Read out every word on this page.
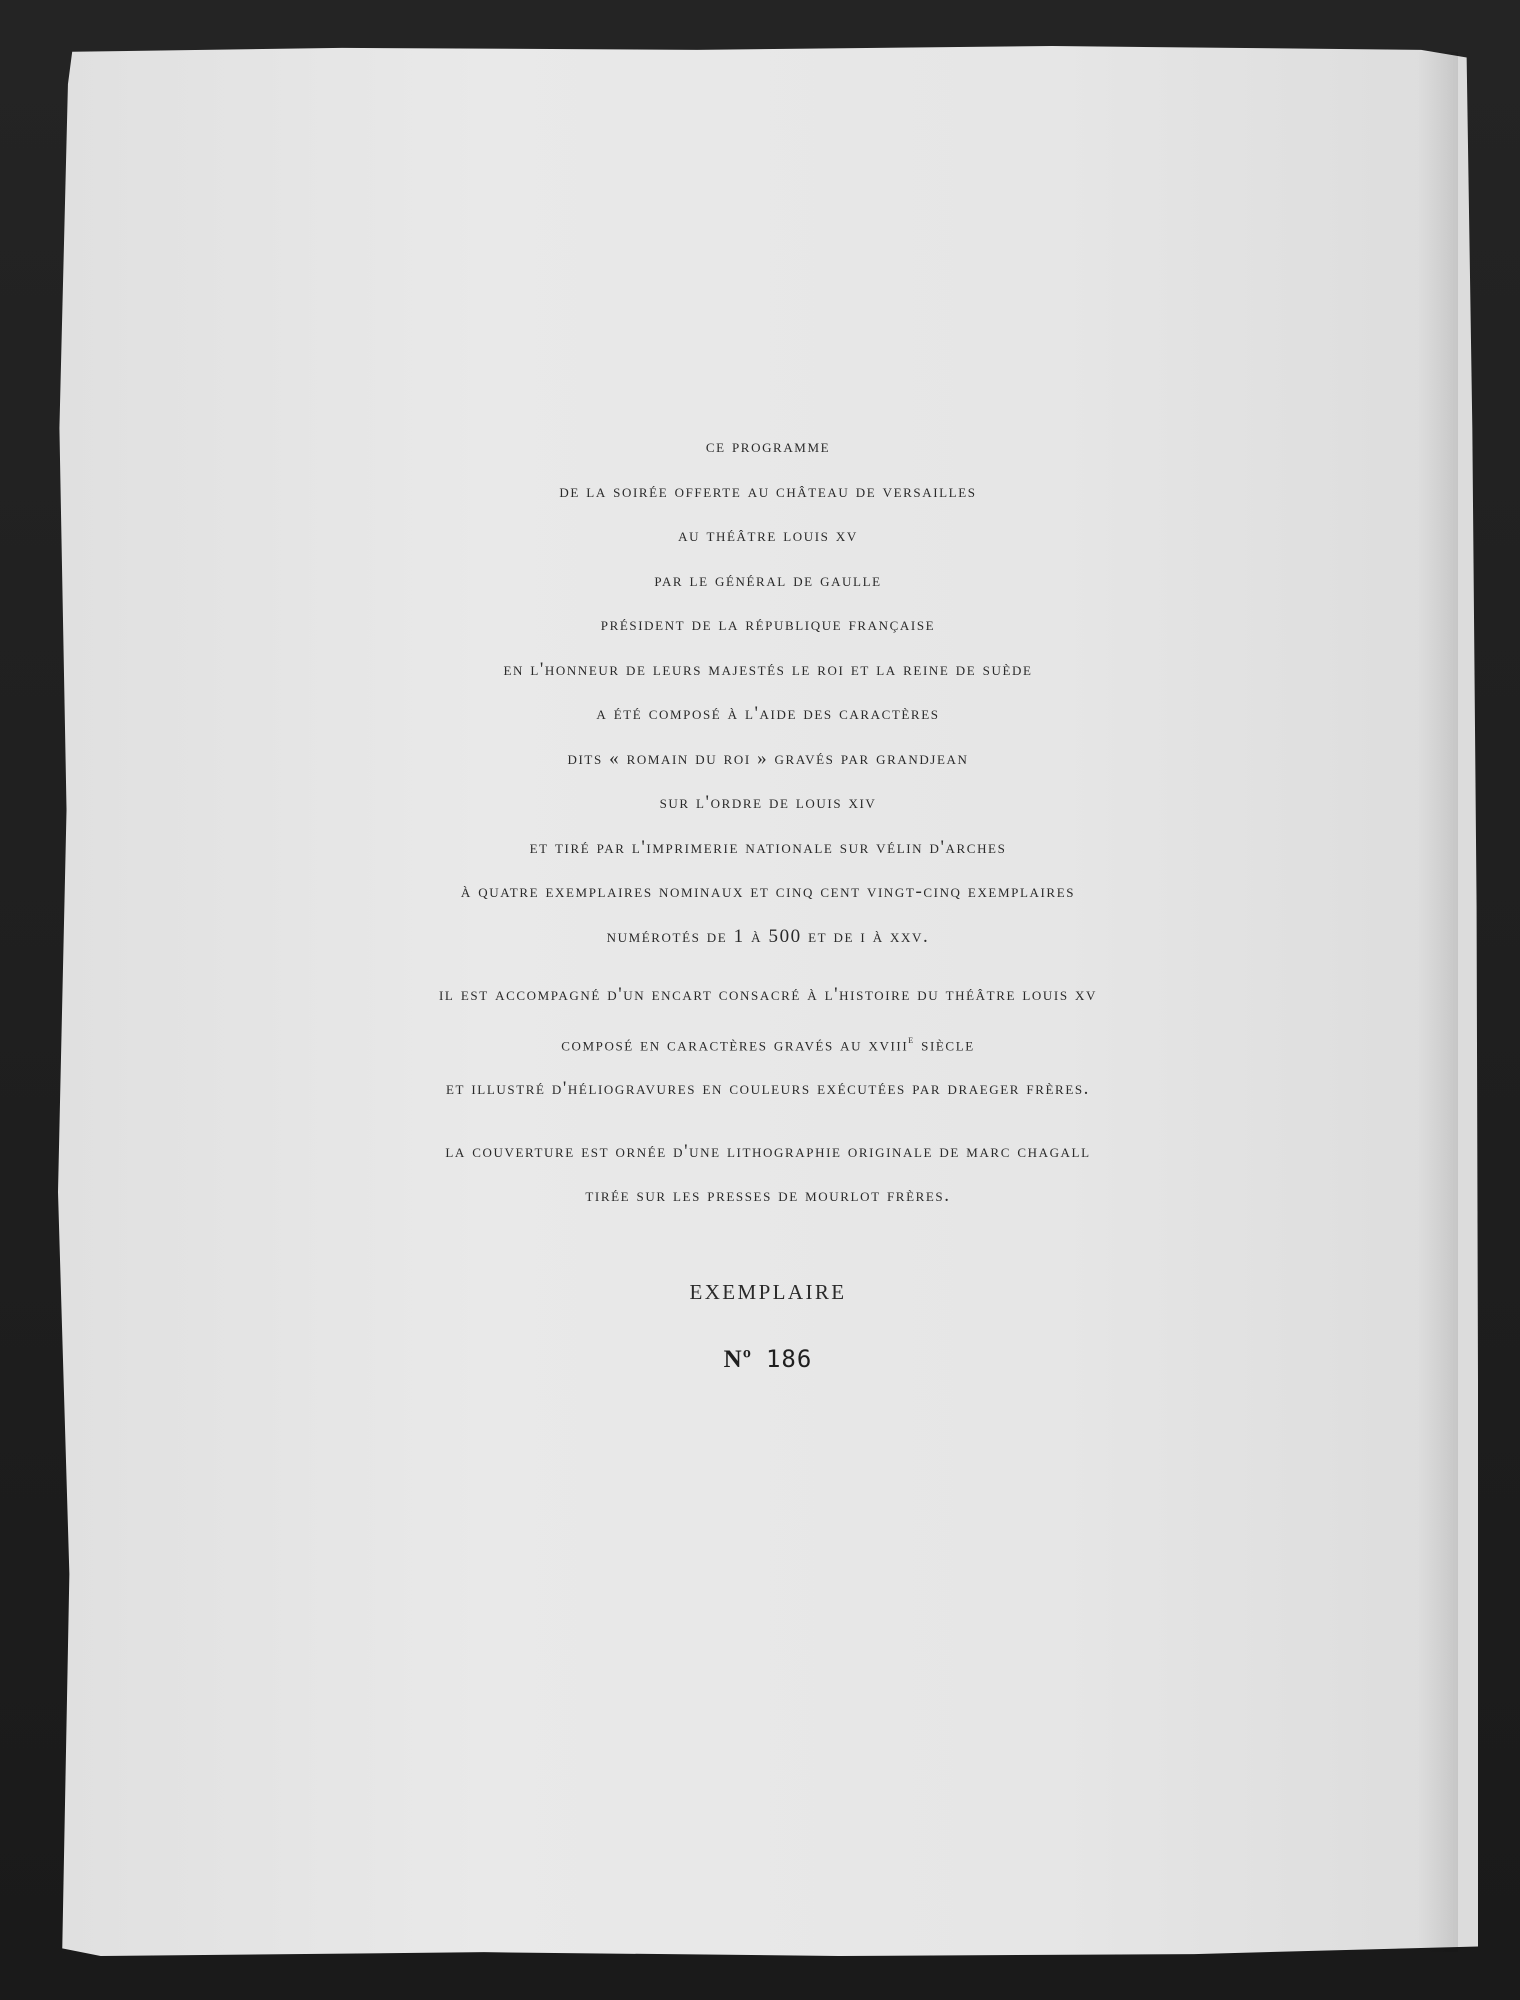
ce programme
de la soirée offerte au château de versailles
au théâtre louis xv
par le général de gaulle
président de la république française
en l'honneur de leurs majestés le roi et la reine de suède
a été composé à l'aide des caractères
dits « romain du roi » gravés par grandjean
sur l'ordre de louis xiv
et tiré par l'imprimerie nationale sur vélin d'arches
à quatre exemplaires nominaux et cinq cent vingt-cinq exemplaires
numérotés de 1 à 500 et de i à xxv.
il est accompagné d'un encart consacré à l'histoire du théâtre louis xv
composé en caractères gravés au xviii$^e$ siècle
et illustré d'héliogravures en couleurs exécutées par draeger frères.
la couverture est ornée d'une lithographie originale de marc chagall
tirée sur les presses de mourlot frères.
EXEMPLAIRE
Nº 186
